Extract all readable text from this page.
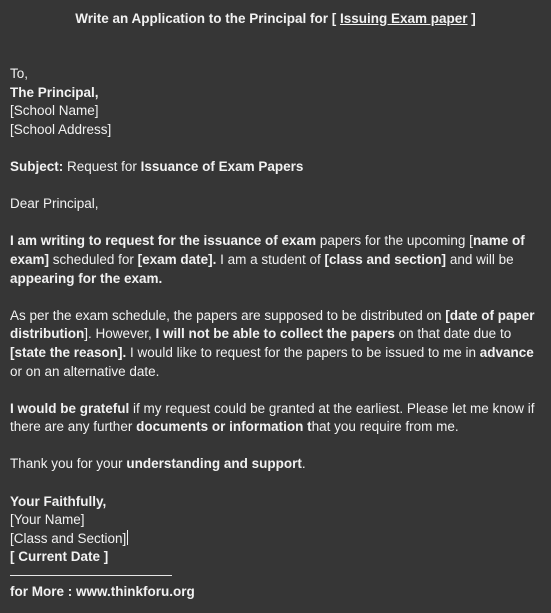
Write an Application to the Principal for [ Issuing Exam paper ]

To,

The Principal,

[School Name]

[School Address]

Subject: Request for Issuance of Exam Papers

Dear Principal,

I am writing to request for the issuance of exam papers for the upcoming [name of exam] scheduled for [exam date]. I am a student of [class and section] and will be appearing for the exam.

As per the exam schedule, the papers are supposed to be distributed on [date of paper distribution]. However, I will not be able to collect the papers on that date due to [state the reason]. I would like to request for the papers to be issued to me in advance or on an alternative date.

I would be grateful if my request could be granted at the earliest. Please let me know if there are any further documents or information that you require from me.

Thank you for your understanding and support.

Your Faithfully,

[Your Name]

[Class and Section]

[ Current Date ]

for More : www.thinkforu.org
